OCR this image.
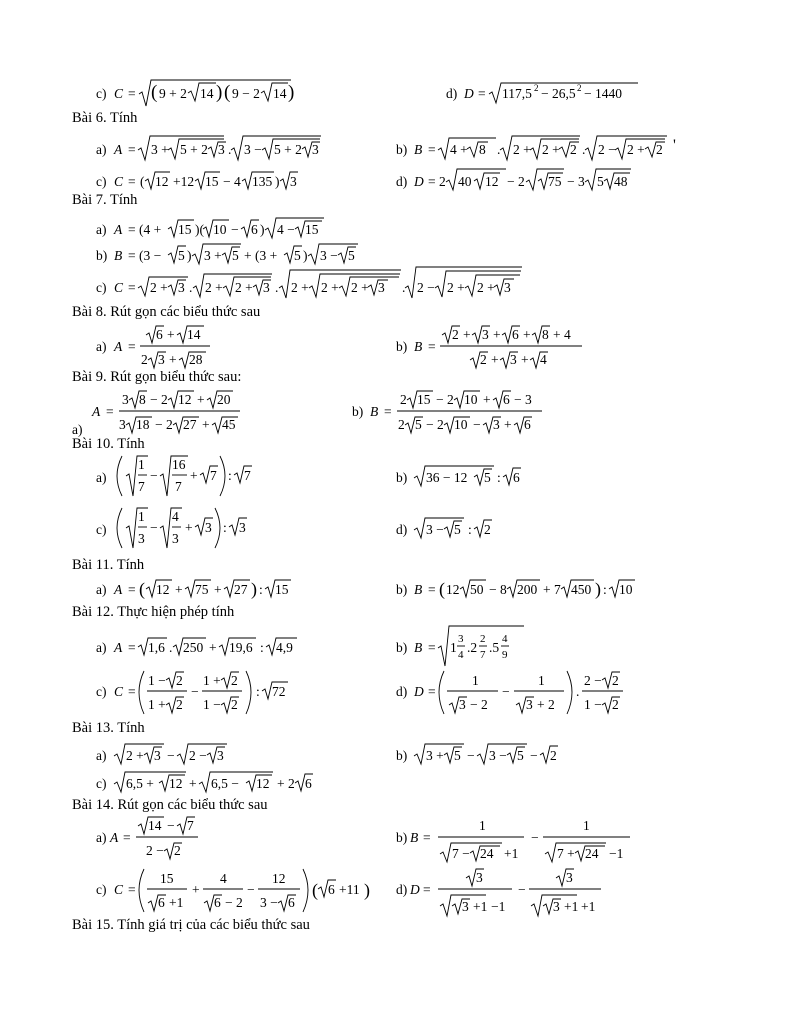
c) C = ( 9 + 2 14 ) ( 9 − 2 14 )	d) D = 117,5 2 − 26,5 2 − 1440
Bài 6. Tính
a) A = 3 + 5 + 2 3 . 3 − 5 + 2 3	b) B = 4 + 8 . 2 + 2 + 2 . 2 − 2 + 2 '
c) C = ( 12 +12 15 − 4 135 ) 3	d) D = 2 40 12 − 2 75 − 3 5 48
Bài 7. Tính
a) A = (4 + 15 )( 10 − 6 ) 4 − 15
b) B = (3 − 5 ) 3 + 5 + (3 + 5 ) 3 − 5
c) C = 2 + 3 . 2 + 2 + 3 . 2 + 2 + 2 + 3 . 2 − 2 + 2 + 3
Bài 8. Rút gọn các biểu thức sau
a) A =
6 + 14
2 3 + 28
b) B =
2 + 3 + 6 + 8 + 4
2 + 3 + 4
Bài 9. Rút gọn biểu thức sau:
a)
A =
3 8 − 2 12 + 20
3 18 − 2 27 + 45
b) B =
2 15 − 2 10 + 6 − 3
2 5 − 2 10 − 3 + 6
Bài 10. Tính
a)
1
7
−
16
7
+ 7 : 7	b) 36 − 12 5 : 6
c)
1
3
−
4
3
+ 3 : 3	d) 3 − 5 : 2
Bài 11. Tính
a) A = ( 12 + 75 + 27 ) : 15	b) B = ( 12 50 − 8 200 + 7 450 ) : 10
Bài 12. Thực hiện phép tính
a) A = 1,6 . 250 + 19,6 : 4,9	b) B = 1
3
4 .2
2
7 .5
4
9
c) C =
1 − 2
1 + 2
−
1 + 2
1 − 2
: 72	d) D =
1
3 − 2
−
1
3 + 2
.
2 − 2
1 − 2
Bài 13. Tính
a) 2 + 3 − 2 − 3	b) 3 + 5 − 3 − 5 − 2
c) 6,5 + 12 + 6,5 − 12 + 2 6
Bài 14. Rút gọn các biểu thức sau
a) A =
14 − 7
2 − 2
b) B =
1
7 − 24 +1
−
1
7 + 24 −1
c) C =
15
6 +1
+
4
6 − 2
−
12
3 − 6
( 6 +11 ) d) D =
3
3 +1 −1
−
3
3 +1 +1
Bài 15. Tính giá trị của các biểu thức sau
